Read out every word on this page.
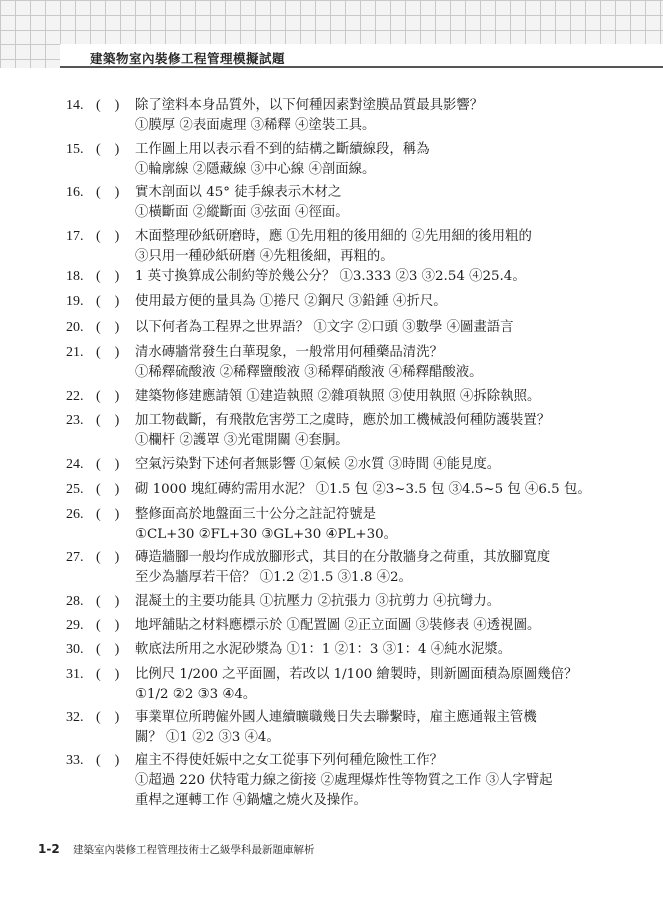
建築物室內裝修工程管理模擬試題
14. (    ) 除了塗料本身品質外，以下何種因素對塗膜品質最具影響？
①膜厚 ②表面處理 ③稀釋 ④塗裝工具。
15. (    ) 工作圖上用以表示看不到的結構之斷續線段，稱為
①輪廓線 ②隱藏線 ③中心線 ④剖面線。
16. (    ) 實木剖面以 45° 徒手線表示木材之
①橫斷面 ②縱斷面 ③弦面 ④徑面。
17. (    ) 木面整理砂紙研磨時，應 ①先用粗的後用細的 ②先用細的後用粗的
③只用一種砂紙研磨 ④先粗後細，再粗的。
18. (    ) 1 英寸換算成公制約等於幾公分？ ①3.333 ②3 ③2.54 ④25.4。
19. (    ) 使用最方便的量具為 ①捲尺 ②鋼尺 ③鉛錘 ④折尺。
20. (    ) 以下何者為工程界之世界語？ ①文字 ②口頭 ③數學 ④圖畫語言
21. (    ) 清水磚牆常發生白華現象，一般常用何種藥品清洗？
①稀釋硫酸液 ②稀釋鹽酸液 ③稀釋硝酸液 ④稀釋醋酸液。
22. (    ) 建築物修建應請領 ①建造執照 ②雜項執照 ③使用執照 ④拆除執照。
23. (    ) 加工物截斷，有飛散危害勞工之虞時，應於加工機械設何種防護裝置？
①欄杆 ②護罩 ③光電開關 ④套胴。
24. (    ) 空氣污染對下述何者無影響 ①氣候 ②水質 ③時間 ④能見度。
25. (    ) 砌 1000 塊紅磚約需用水泥？ ①1.5 包 ②3~3.5 包 ③4.5~5 包 ④6.5 包。
26. (    ) 整修面高於地盤面三十公分之註記符號是
①CL+30 ②FL+30 ③GL+30 ④PL+30。
27. (    ) 磚造牆腳一般均作成放腳形式，其目的在分散牆身之荷重，其放腳寬度
至少為牆厚若干倍？ ①1.2 ②1.5 ③1.8 ④2。
28. (    ) 混凝土的主要功能具 ①抗壓力 ②抗張力 ③抗剪力 ④抗彎力。
29. (    ) 地坪舖貼之材料應標示於 ①配置圖 ②正立面圖 ③裝修表 ④透視圖。
30. (    ) 軟底法所用之水泥砂漿為 ①1：1 ②1：3 ③1：4 ④純水泥漿。
31. (    ) 比例尺 1/200 之平面圖，若改以 1/100 繪製時，則新圖面積為原圖幾倍？
①1/2 ②2 ③3 ④4。
32. (    ) 事業單位所聘僱外國人連續曠職幾日失去聯繫時，雇主應通報主管機
關？ ①1 ②2 ③3 ④4。
33. (    ) 雇主不得使妊娠中之女工從事下列何種危險性工作？
①超過 220 伏特電力線之銜接 ②處理爆炸性等物質之工作 ③人字臂起
重桿之運轉工作 ④鍋爐之燒火及操作。
1-2 建築室內裝修工程管理技術士乙級學科最新題庫解析
